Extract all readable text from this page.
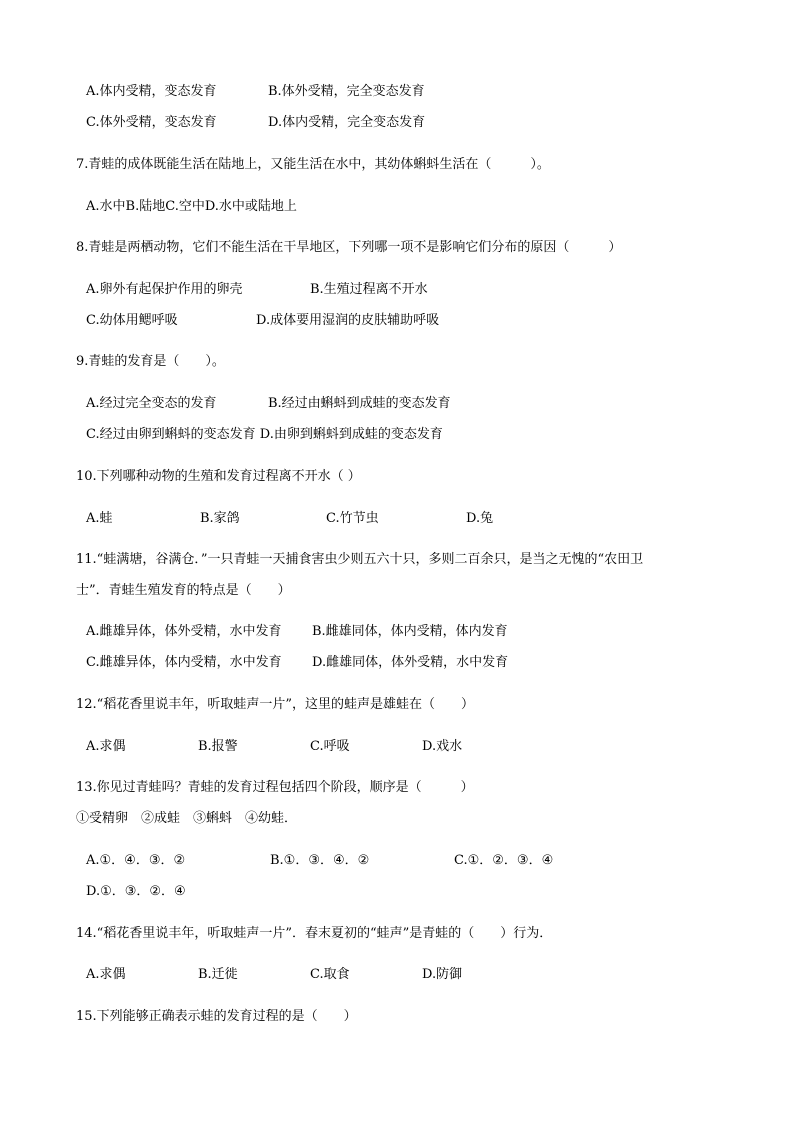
A.体内受精，变态发育	B.体外受精，完全变态发育
C.体外受精，变态发育	D.体内受精，完全变态发育
7.青蛙的成体既能生活在陆地上，又能生活在水中，其幼体蝌蚪生活在（　　　）。
A.水中B.陆地C.空中D.水中或陆地上
8.青蛙是两栖动物，它们不能生活在干旱地区，下列哪一项不是影响它们分布的原因（　　　）
A.卵外有起保护作用的卵壳	B.生殖过程离不开水
C.幼体用鳃呼吸	D.成体要用湿润的皮肤辅助呼吸
9.青蛙的发育是（　　）。
A.经过完全变态的发育	B.经过由蝌蚪到成蛙的变态发育
C.经过由卵到蝌蚪的变态发育 D.由卵到蝌蚪到成蛙的变态发育
10.下列哪种动物的生殖和发育过程离不开水（ ）
A.蛙	B.家鸽	C.竹节虫	D.兔
11.“蛙满塘，谷满仓．”一只青蛙一天捕食害虫少则五六十只，多则二百余只，是当之无愧的“农田卫
士”．青蛙生殖发育的特点是（　　）
A.雌雄异体，体外受精，水中发育 B.雌雄同体，体内受精，体内发育
C.雌雄异体，体内受精，水中发育 D.雌雄同体，体外受精，水中发育
12.“稻花香里说丰年，听取蛙声一片”，这里的蛙声是雄蛙在（　　）
A.求偶	B.报警	C.呼吸	D.戏水
13.你见过青蛙吗？青蛙的发育过程包括四个阶段，顺序是（　　　）
①受精卵　②成蛙　③蝌蚪　④幼蛙．
A.①．④．③．②	B.①．③．④．②	C.①．②．③．④
D.①．③．②．④
14.“稻花香里说丰年，听取蛙声一片”．春末夏初的“蛙声”是青蛙的（　　）行为．
A.求偶	B.迁徙	C.取食	D.防御
15.下列能够正确表示蛙的发育过程的是（　　）
